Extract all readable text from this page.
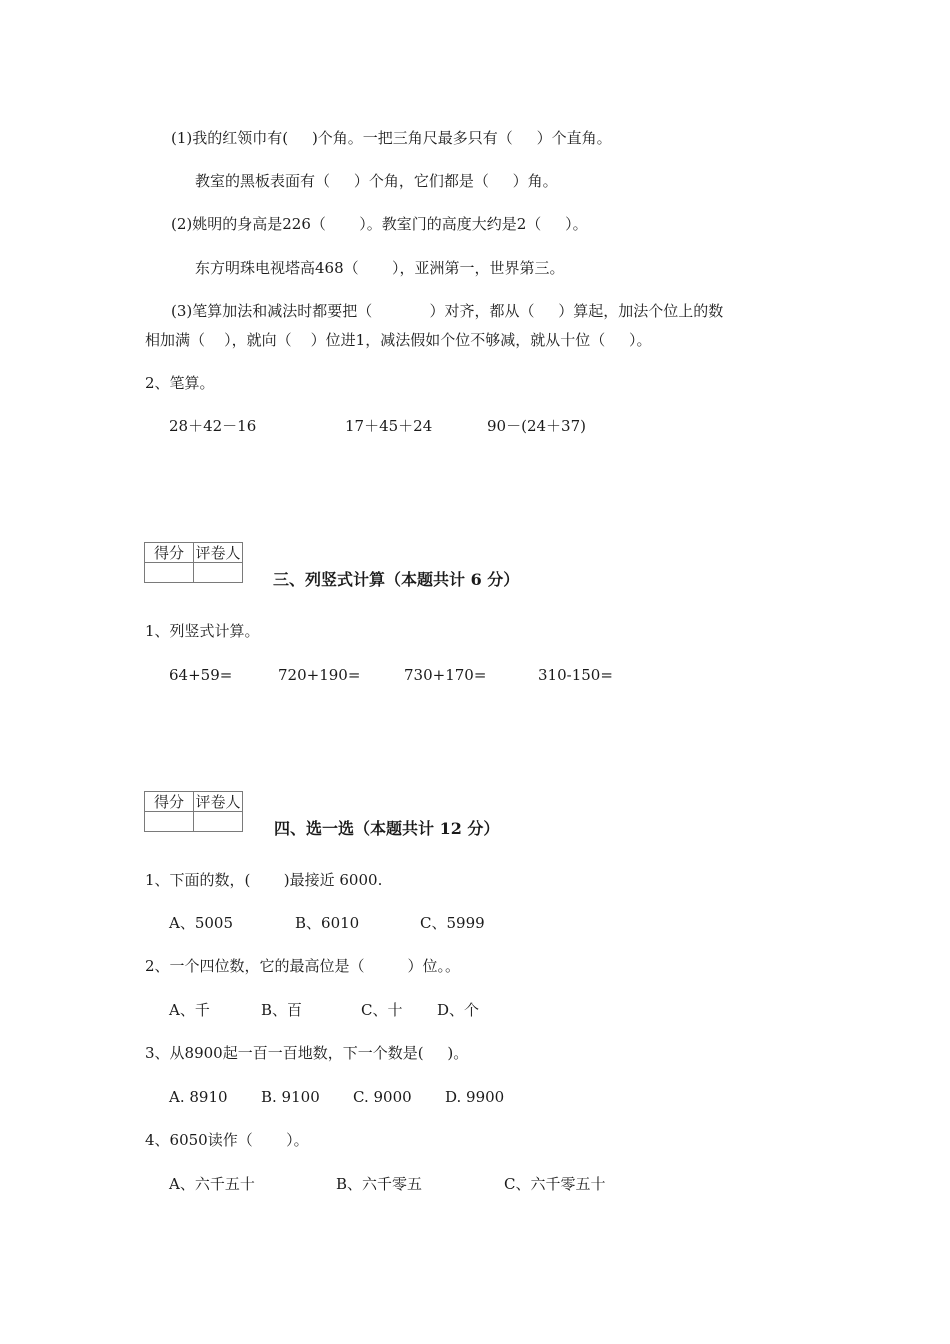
(1)我的红领巾有(     )个角。一把三角尺最多只有（     ）个直角。
教室的黑板表面有（     ）个角，它们都是（     ）角。
(2)姚明的身高是226（       ）。教室门的高度大约是2（     ）。
东方明珠电视塔高468（       ），亚洲第一，世界第三。
(3)笔算加法和减法时都要把（            ）对齐，都从（     ）算起，加法个位上的数
相加满（    ），就向（    ）位进1，减法假如个位不够减，就从十位（     ）。
2、笔算。

28＋42－16

	17＋45＋24

	90－(24＋37)

得分	评卷人

三、列竖式计算（本题共计 6 分）
1、列竖式计算。

64+59=

	720+190=

	730+170=

	310-150=

得分	评卷人

四、选一选（本题共计 12 分）
1、下面的数，(       )最接近 6000.

A、5005

	B、6010

	C、5999

2、一个四位数，它的最高位是（         ）位。。

A、千

	B、百

	C、十

D、个

3、从8900起一百一百地数，下一个数是(     )。

A. 8910

B. 9100

C. 9000

D. 9900

4、6050读作（       ）。

A、六千五十

	B、六千零五

	C、六千零五十
